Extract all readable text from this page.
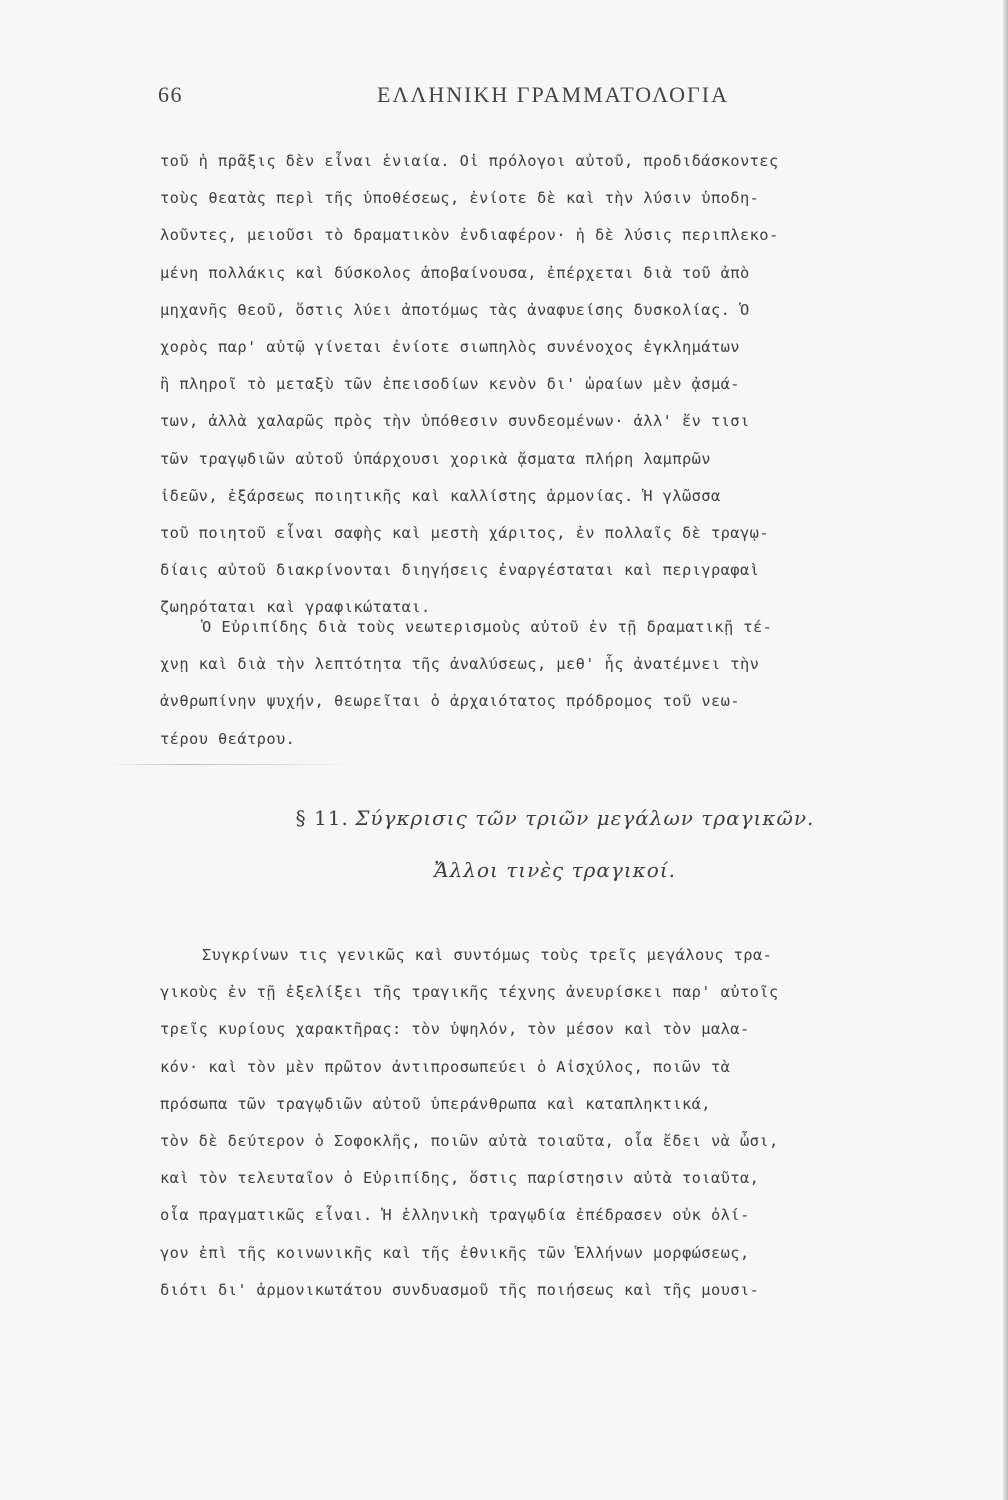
66	ΕΛΛΗΝΙΚΗ ΓΡΑΜΜΑΤΟΛΟΓΙΑ
τοῦ ἡ πρᾶξις δὲν εἶναι ἑνιαία. Οἱ πρόλογοι αὐτοῦ, προδιδάσκοντες
τοὺς θεατὰς περὶ τῆς ὑποθέσεως, ἐνίοτε δὲ καὶ τὴν λύσιν ὑποδη-
λοῦντες, μειοῦσι τὸ δραματικὸν ἐνδιαφέρον· ἡ δὲ λύσις περιπλεκο-
μένη πολλάκις καὶ δύσκολος ἀποβαίνουσα, ἐπέρχεται διὰ τοῦ ἀπὸ
μηχανῆς θεοῦ, ὅστις λύει ἀποτόμως τὰς ἀναφυείσης δυσκολίας. Ὁ
χορὸς παρ' αὐτῷ γίνεται ἐνίοτε σιωπηλὸς συνένοχος ἐγκλημάτων
ἢ πληροῖ τὸ μεταξὺ τῶν ἐπεισοδίων κενὸν δι' ὡραίων μὲν ᾀσμά-
των, ἀλλὰ χαλαρῶς πρὸς τὴν ὑπόθεσιν συνδεομένων· ἀλλ' ἔν τισι
τῶν τραγῳδιῶν αὐτοῦ ὑπάρχουσι χορικὰ ᾄσματα πλήρη λαμπρῶν
ἰδεῶν, ἐξάρσεως ποιητικῆς καὶ καλλίστης ἁρμονίας. Ἡ γλῶσσα
τοῦ ποιητοῦ εἶναι σαφὴς καὶ μεστὴ χάριτος, ἐν πολλαῖς δὲ τραγῳ-
δίαις αὐτοῦ διακρίνονται διηγήσεις ἐναργέσταται καὶ περιγραφαὶ
ζωηρόταται καὶ γραφικώταται.
Ὁ Εὐριπίδης διὰ τοὺς νεωτερισμοὺς αὐτοῦ ἐν τῇ δραματικῇ τέ-
χνῃ καὶ διὰ τὴν λεπτότητα τῆς ἀναλύσεως, μεθ' ἧς ἀνατέμνει τὴν
ἀνθρωπίνην ψυχήν, θεωρεῖται ὁ ἀρχαιότατος πρόδρομος τοῦ νεω-
τέρου θεάτρου.
§ 11. Σύγκρισις τῶν τριῶν μεγάλων τραγικῶν.
Ἄλλοι τινὲς τραγικοί.
Συγκρίνων τις γενικῶς καὶ συντόμως τοὺς τρεῖς μεγάλους τρα-
γικοὺς ἐν τῇ ἐξελίξει τῆς τραγικῆς τέχνης ἀνευρίσκει παρ' αὐτοῖς
τρεῖς κυρίους χαρακτῆρας: τὸν ὑψηλόν, τὸν μέσον καὶ τὸν μαλα-
κόν· καὶ τὸν μὲν πρῶτον ἀντιπροσωπεύει ὁ Αἰσχύλος, ποιῶν τὰ
πρόσωπα τῶν τραγῳδιῶν αὐτοῦ ὑπεράνθρωπα καὶ καταπληκτικά,
τὸν δὲ δεύτερον ὁ Σοφοκλῆς, ποιῶν αὐτὰ τοιαῦτα, οἷα ἔδει νὰ ὦσι,
καὶ τὸν τελευταῖον ὁ Εὐριπίδης, ὅστις παρίστησιν αὐτὰ τοιαῦτα,
οἷα πραγματικῶς εἶναι. Ἡ ἑλληνικὴ τραγῳδία ἐπέδρασεν οὐκ ὀλί-
γον ἐπὶ τῆς κοινωνικῆς καὶ τῆς ἐθνικῆς τῶν Ἑλλήνων μορφώσεως,
διότι δι' ἁρμονικωτάτου συνδυασμοῦ τῆς ποιήσεως καὶ τῆς μουσι-
